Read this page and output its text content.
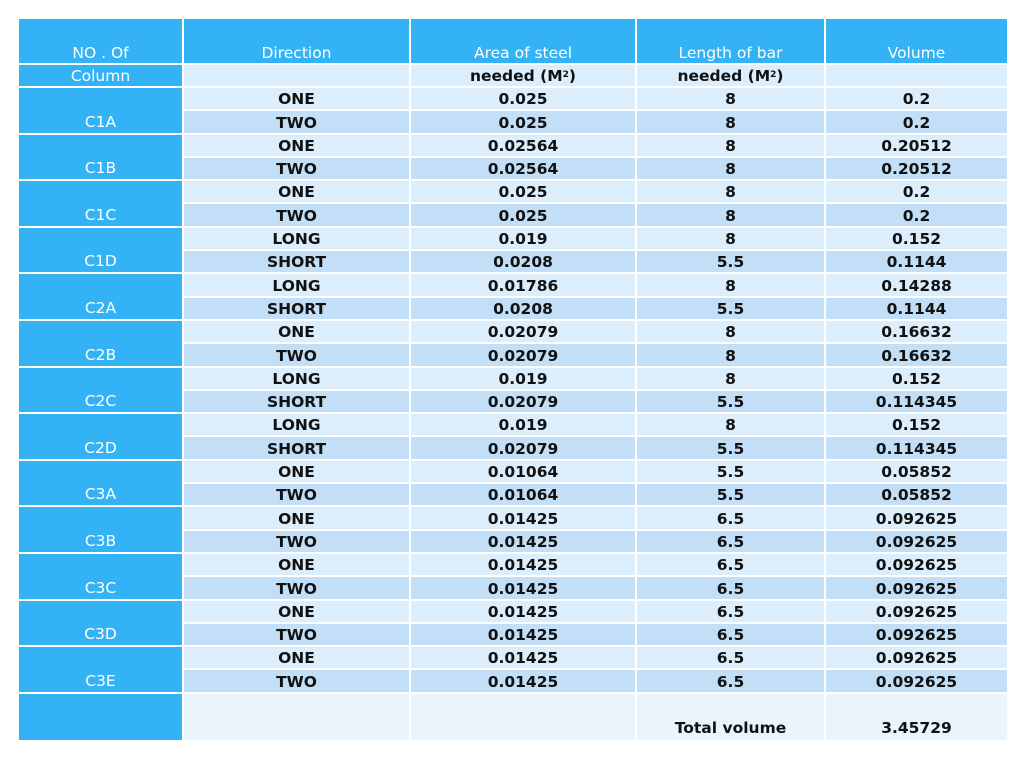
NO . Of	Direction	Area of steel	Length of bar	Volume
Column		needed $(M^2)$	needed $(M^2)$	
C1A	ONE	0.025	8	0.2
	TWO	0.025	8	0.2
C1B	ONE	0.02564	8	0.20512
	TWO	0.02564	8	0.20512
C1C	ONE	0.025	8	0.2
	TWO	0.025	8	0.2
C1D	LONG	0.019	8	0.152
	SHORT	0.0208	5.5	0.1144
C2A	LONG	0.01786	8	0.14288
	SHORT	0.0208	5.5	0.1144
C2B	ONE	0.02079	8	0.16632
	TWO	0.02079	8	0.16632
C2C	LONG	0.019	8	0.152
	SHORT	0.02079	5.5	0.114345
C2D	LONG	0.019	8	0.152
	SHORT	0.02079	5.5	0.114345
C3A	ONE	0.01064	5.5	0.05852
	TWO	0.01064	5.5	0.05852
C3B	ONE	0.01425	6.5	0.092625
	TWO	0.01425	6.5	0.092625
C3C	ONE	0.01425	6.5	0.092625
	TWO	0.01425	6.5	0.092625
C3D	ONE	0.01425	6.5	0.092625
	TWO	0.01425	6.5	0.092625
C3E	ONE	0.01425	6.5	0.092625
	TWO	0.01425	6.5	0.092625
			Total volume	3.45729
